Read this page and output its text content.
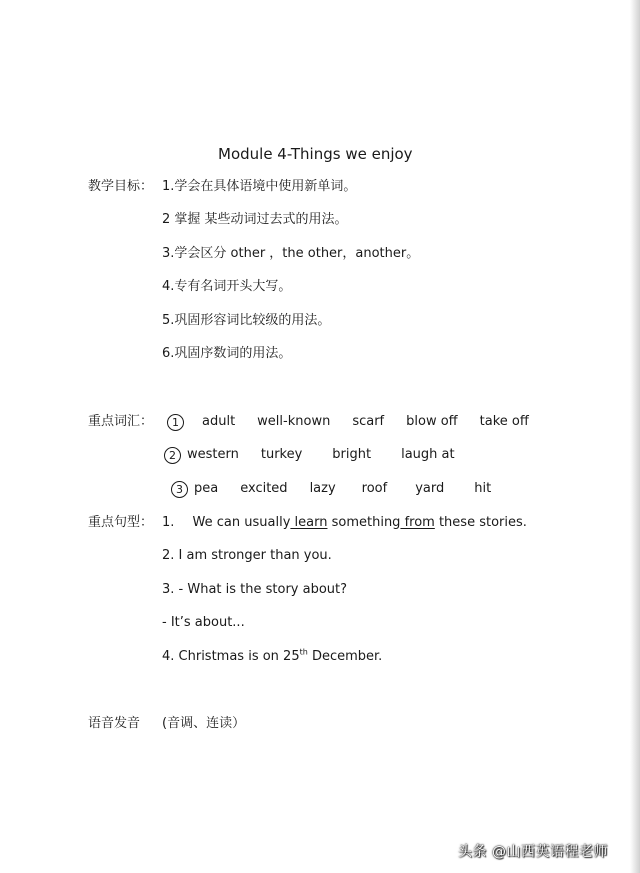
Module 4-Things we enjoy
教学目标： 1.学会在具体语境中使用新单词。
2 掌握 某些动词过去式的用法。
3.学会区分 other ，the other，another。
4.专有名词开头大写。
5.巩固形容词比较级的用法。
6.巩固序数词的用法。
重点词汇：	1	adult well-known scarf blow off take off
2 western turkey bright laugh at
3 pea excited lazy roof yard hit
重点句型： 1. We can usually learn something from these stories.
2. I am stronger than you.
3. - What is the story about?
- It’s about...
4. Christmas is on 25th December.
语音发音 (音调、连读）
头条 @山西英语程老师
